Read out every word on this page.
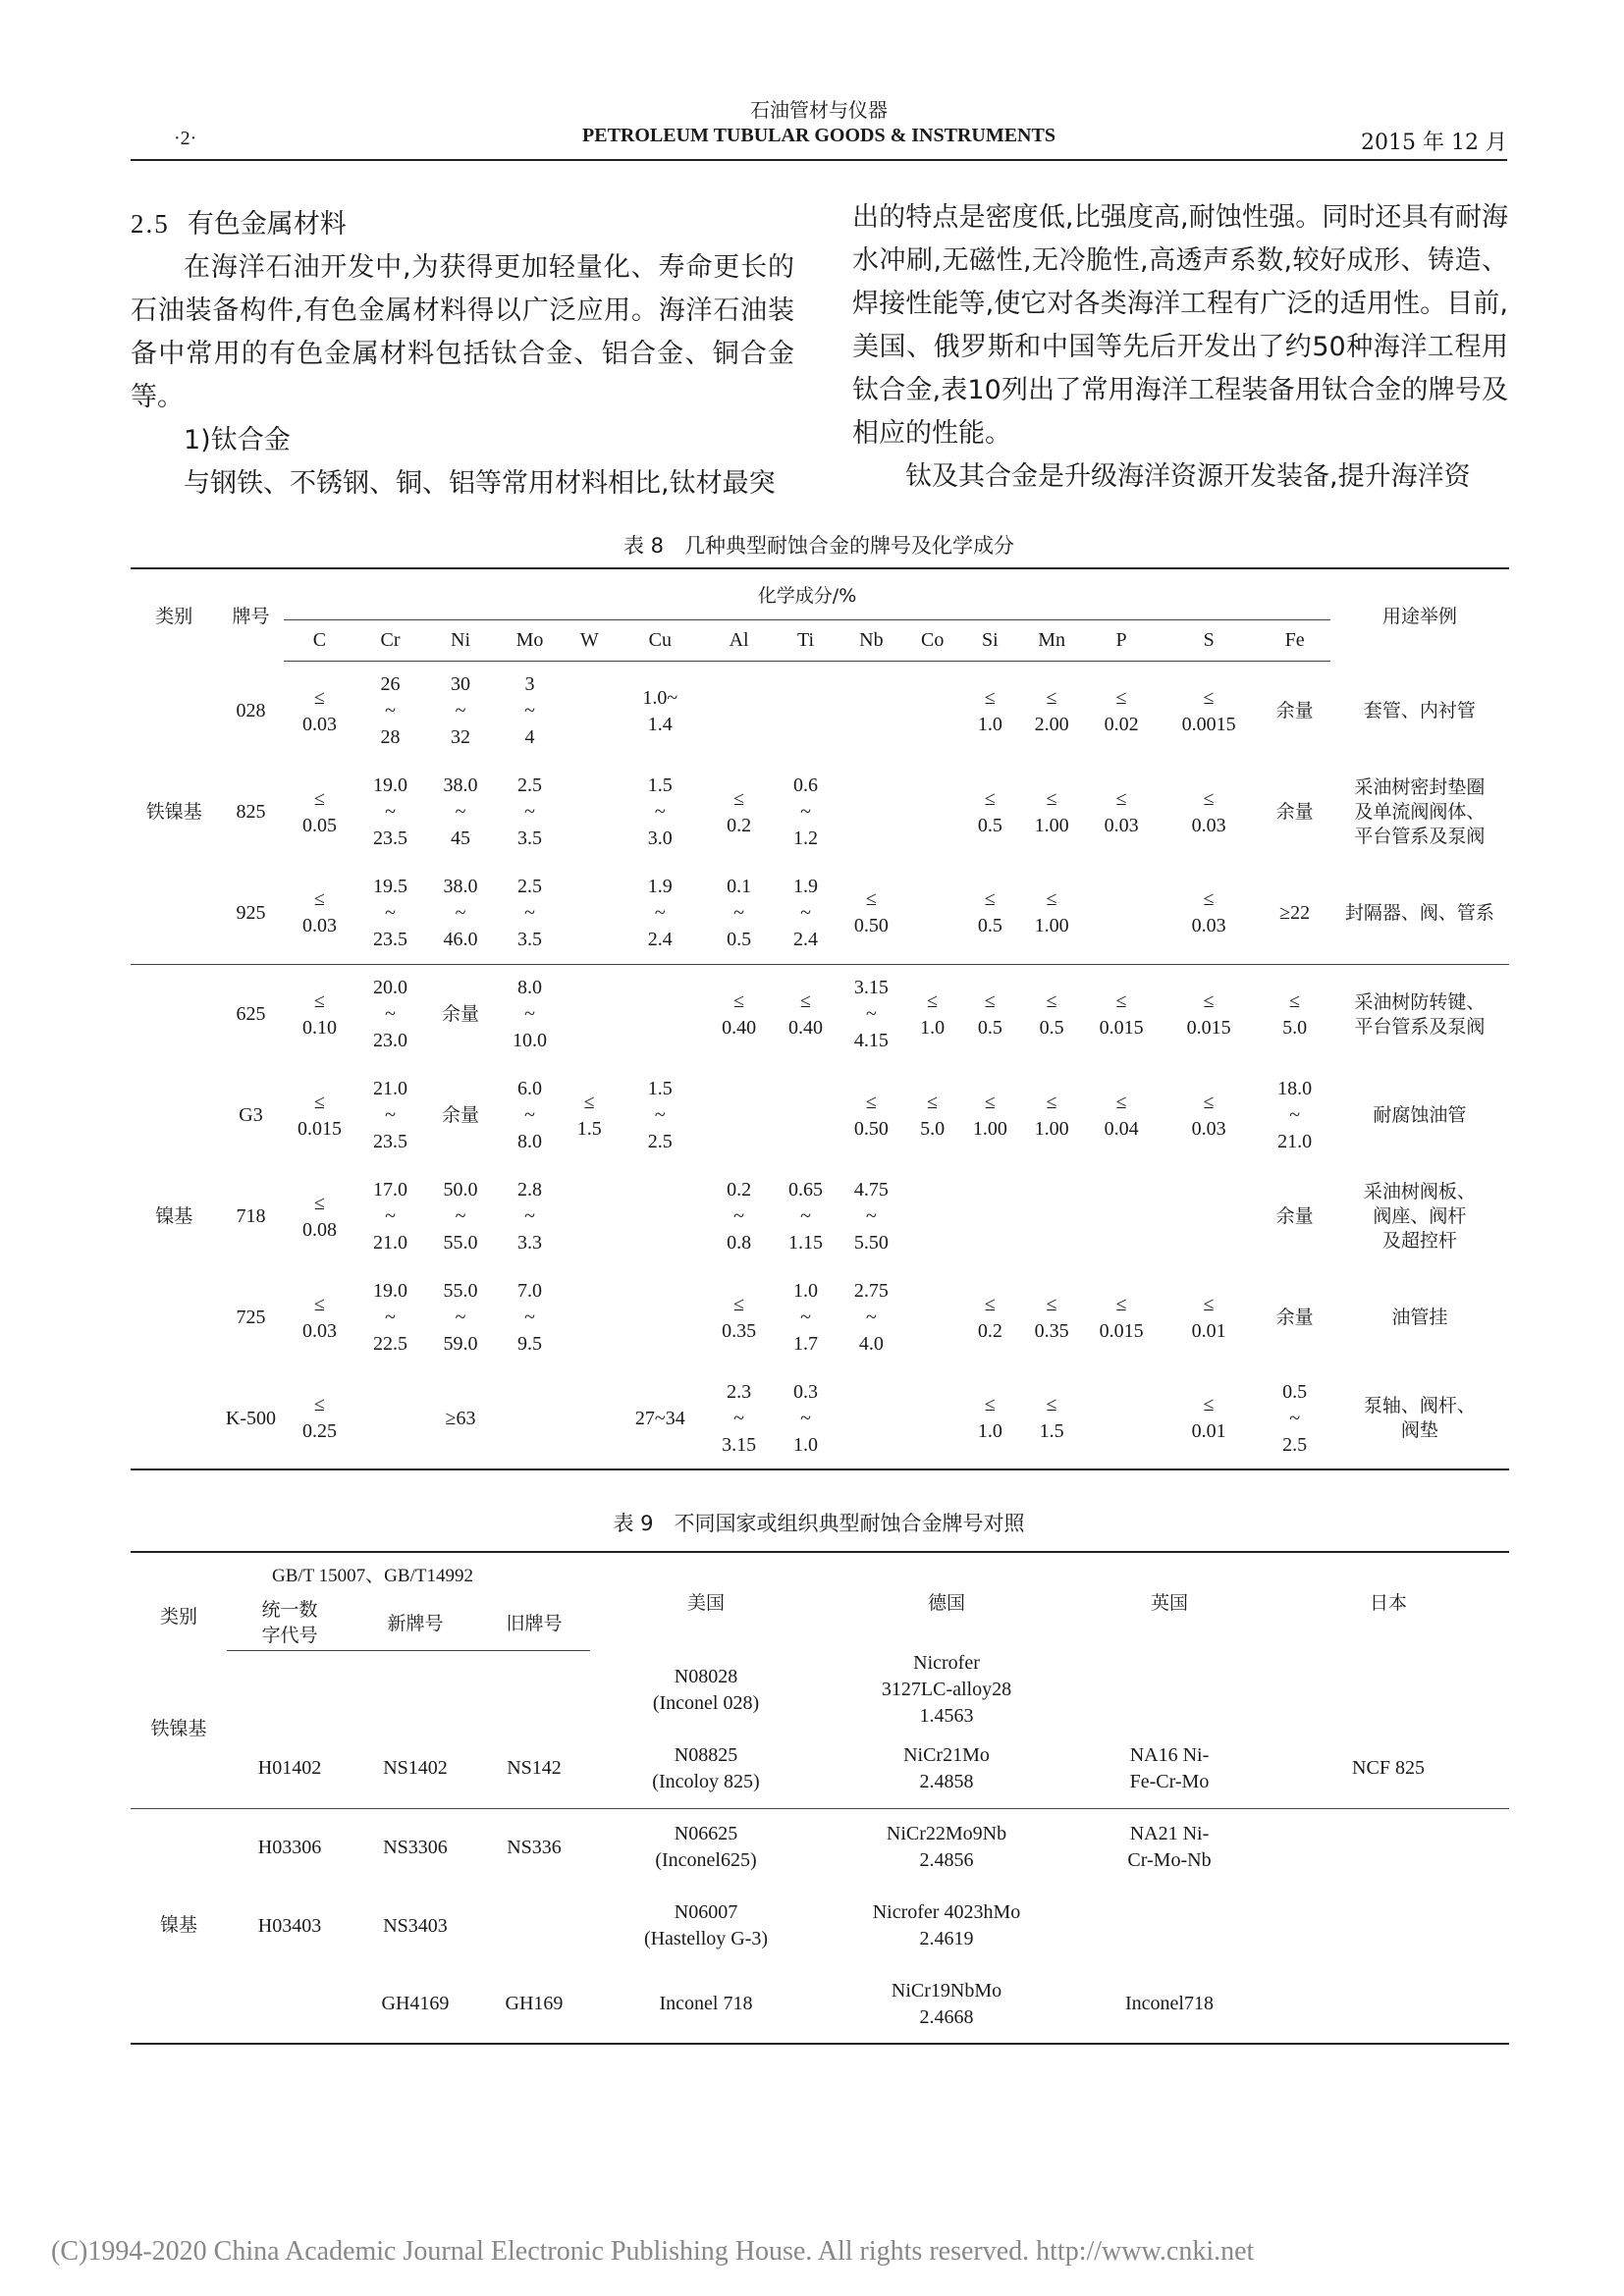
石油管材与仪器
·2·	PETROLEUM TUBULAR GOODS & INSTRUMENTS	2015 年 12 月

2.5 有色金属材料

在海洋石油开发中,为获得更加轻量化、寿命更长的石油装备构件,有色金属材料得以广泛应用。海洋石油装备中常用的有色金属材料包括钛合金、铝合金、铜合金等。

1)钛合金

与钢铁、不锈钢、铜、铝等常用材料相比,钛材最突

出的特点是密度低,比强度高,耐蚀性强。同时还具有耐海水冲刷,无磁性,无冷脆性,高透声系数,较好成形、铸造、焊接性能等,使它对各类海洋工程有广泛的适用性。目前,美国、俄罗斯和中国等先后开发出了约50种海洋工程用钛合金,表10列出了常用海洋工程装备用钛合金的牌号及相应的性能。

钛及其合金是升级海洋资源开发装备,提升海洋资

表 8　几种典型耐蚀合金的牌号及化学成分
类别	牌号	化学成分/%															用途举例
		C	Cr	Ni	Mo	W	Cu	Al	Ti	Nb	Co	Si	Mn	P	S	Fe	
铁镍基	028	≤
0.03	26
~
28	30
~
32	3
~
4		1.0~
1.4					≤
1.0	≤
2.00	≤
0.02	≤
0.0015	余量	套管、内衬管
	825	≤
0.05	19.0
~
23.5	38.0
~
45	2.5
~
3.5		1.5
~
3.0	≤
0.2	0.6
~
1.2			≤
0.5	≤
1.00	≤
0.03	≤
0.03	余量	采油树密封垫圈
及单流阀阀体、
平台管系及泵阀
	925	≤
0.03	19.5
~
23.5	38.0
~
46.0	2.5
~
3.5		1.9
~
2.4	0.1
~
0.5	1.9
~
2.4	≤
0.50		≤
0.5	≤
1.00		≤
0.03	≥22	封隔器、阀、管系
镍基	625	≤
0.10	20.0
~
23.0	余量	8.0
~
10.0			≤
0.40	≤
0.40	3.15
~
4.15	≤
1.0	≤
0.5	≤
0.5	≤
0.015	≤
0.015	≤
5.0	采油树防转键、
平台管系及泵阀
	G3	≤
0.015	21.0
~
23.5	余量	6.0
~
8.0	≤
1.5	1.5
~
2.5			≤
0.50	≤
5.0	≤
1.00	≤
1.00	≤
0.04	≤
0.03	18.0
~
21.0	耐腐蚀油管
	718	≤
0.08	17.0
~
21.0	50.0
~
55.0	2.8
~
3.3			0.2
~
0.8	0.65
~
1.15	4.75
~
5.50						余量	采油树阀板、
阀座、阀杆
及超控杆
	725	≤
0.03	19.0
~
22.5	55.0
~
59.0	7.0
~
9.5			≤
0.35	1.0
~
1.7	2.75
~
4.0		≤
0.2	≤
0.35	≤
0.015	≤
0.01	余量	油管挂
	K-500	≤
0.25		≥63			27~34	2.3
~
3.15	0.3
~
1.0			≤
1.0	≤
1.5		≤
0.01	0.5
~
2.5	泵轴、阀杆、
阀垫
表 9　不同国家或组织典型耐蚀合金牌号对照
类别	GB/T 15007、GB/T14992			美国	德国	英国	日本
	统一数
字代号	新牌号	旧牌号				
铁镍基				N08028
(Inconel 028)	Nicrofer
3127LC-alloy28
1.4563		
	H01402	NS1402	NS142	N08825
(Incoloy 825)	NiCr21Mo
2.4858	NA16 Ni-
Fe-Cr-Mo	NCF 825
镍基	H03306	NS3306	NS336	N06625
(Inconel625)	NiCr22Mo9Nb
2.4856	NA21 Ni-
Cr-Mo-Nb	
	H03403	NS3403		N06007
(Hastelloy G-3)	Nicrofer 4023hMo
2.4619		
		GH4169	GH169	Inconel 718	NiCr19NbMo
2.4668	Inconel718	
(C)1994-2020 China Academic Journal Electronic Publishing House. All rights reserved. http://www.cnki.net
